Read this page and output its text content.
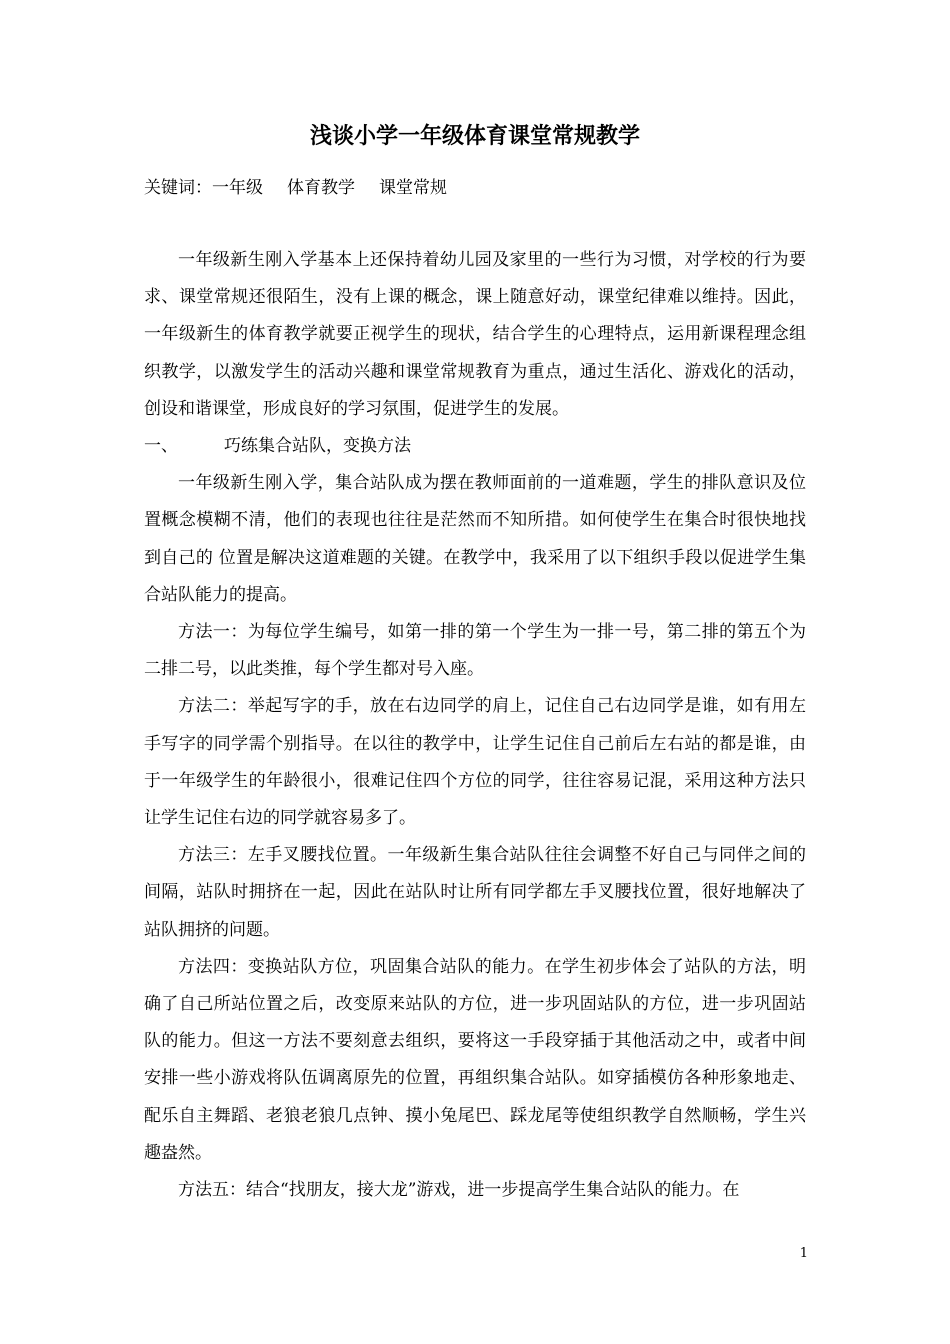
浅谈小学一年级体育课堂常规教学
关键词：一年级 体育教学 课堂常规

一年级新生刚入学基本上还保持着幼儿园及家里的一些行为习惯，对学校的行为要求、课堂常规还很陌生，没有上课的概念，课上随意好动，课堂纪律难以维持。因此，一年级新生的体育教学就要正视学生的现状，结合学生的心理特点，运用新课程理念组织教学，以激发学生的活动兴趣和课堂常规教育为重点，通过生活化、游戏化的活动，创设和谐课堂，形成良好的学习氛围，促进学生的发展。

一、	巧练集合站队，变换方法

一年级新生刚入学，集合站队成为摆在教师面前的一道难题，学生的排队意识及位置概念模糊不清，他们的表现也往往是茫然而不知所措。如何使学生在集合时很快地找到自己的 位置是解决这道难题的关键。在教学中，我采用了以下组织手段以促进学生集合站队能力的提高。

方法一：为每位学生编号，如第一排的第一个学生为一排一号，第二排的第五个为二排二号，以此类推，每个学生都对号入座。

方法二：举起写字的手，放在右边同学的肩上，记住自己右边同学是谁，如有用左手写字的同学需个别指导。在以往的教学中，让学生记住自己前后左右站的都是谁，由于一年级学生的年龄很小，很难记住四个方位的同学，往往容易记混，采用这种方法只让学生记住右边的同学就容易多了。

方法三：左手叉腰找位置。一年级新生集合站队往往会调整不好自己与同伴之间的间隔，站队时拥挤在一起，因此在站队时让所有同学都左手叉腰找位置，很好地解决了站队拥挤的问题。

方法四：变换站队方位，巩固集合站队的能力。在学生初步体会了站队的方法，明确了自己所站位置之后，改变原来站队的方位，进一步巩固站队的方位，进一步巩固站队的能力。但这一方法不要刻意去组织，要将这一手段穿插于其他活动之中，或者中间安排一些小游戏将队伍调离原先的位置，再组织集合站队。如穿插模仿各种形象地走、配乐自主舞蹈、老狼老狼几点钟、摸小兔尾巴、踩龙尾等使组织教学自然顺畅，学生兴趣盎然。

方法五：结合“找朋友，接大龙”游戏，进一步提高学生集合站队的能力。在

1
